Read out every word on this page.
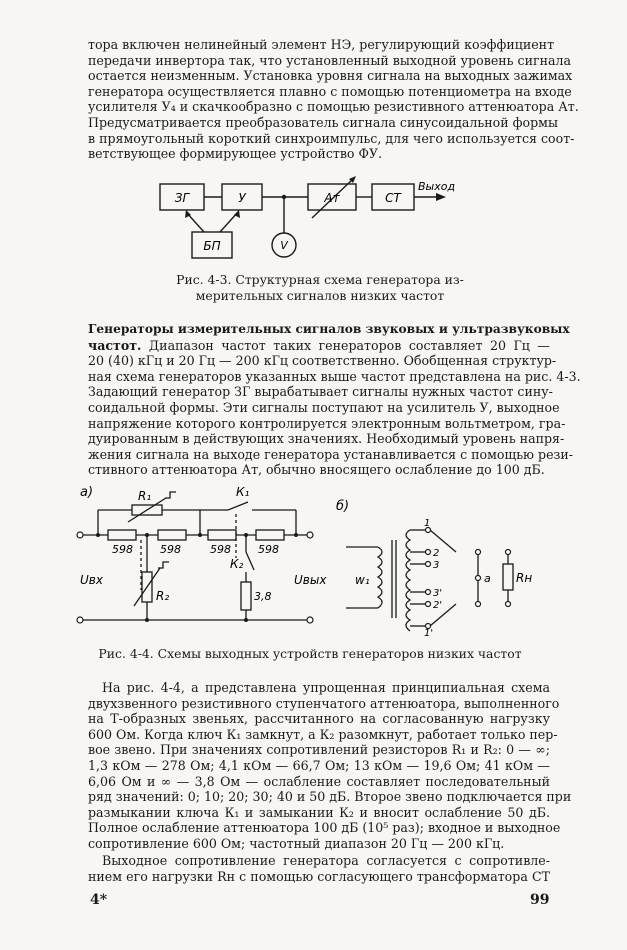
тора включен нелинейный элемент НЭ, регулирующий коэффициент
передачи инвертора так, что установленный выходной уровень сигнала
остается неизменным. Установка уровня сигнала на выходных зажимах
генератора осуществляется плавно с помощью потенциометра на входе
усилителя У₄ и скачкообразно с помощью резистивного аттенюатора Ат.
Предусматривается преобразователь сигнала синусоидальной формы
в прямоугольный короткий синхроимпульс, для чего используется соот-
ветствующее формирующее устройство ФУ.
ЗГ	У	Ат	СТ
БП	V
Выход
Рис. 4-3. Структурная схема генератора из-
мерительных сигналов низких частот
Генераторы измерительных сигналов звуковых и ультразвуковых
частот. Диапазон частот таких генераторов составляет 20 Гц —
20 (40) кГц и 20 Гц — 200 кГц соответственно. Обобщенная структур-
ная схема генераторов указанных выше частот представлена на рис. 4-3.
Задающий генератор ЗГ вырабатывает сигналы нужных частот сину-
соидальной формы. Эти сигналы поступают на усилитель У, выходное
напряжение которого контролируется электронным вольтметром, гра-
дуированным в действующих значениях. Необходимый уровень напря-
жения сигнала на выходе генератора устанавливается с помощью рези-
стивного аттенюатора Ат, обычно вносящего ослабление до 100 дБ.
а)	R₁	К₁
598 598	598 598
К₂
R₂	3,8
Uвх	Uвых
б)
w₁
1
2
3
3'
2'
1'
а Rн
Рис. 4-4. Схемы выходных устройств генераторов низких частот
На рис. 4-4, а представлена упрощенная принципиальная схема
двухзвенного резистивного ступенчатого аттенюатора, выполненного
на Т-образных звеньях, рассчитанного на согласованную нагрузку
600 Ом. Когда ключ К₁ замкнут, а К₂ разомкнут, работает только пер-
вое звено. При значениях сопротивлений резисторов R₁ и R₂: 0 — ∞;
1,3 кОм — 278 Ом; 4,1 кОм — 66,7 Ом; 13 кОм — 19,6 Ом; 41 кОм —
6,06 Ом и ∞ — 3,8 Ом — ослабление составляет последовательный
ряд значений: 0; 10; 20; 30; 40 и 50 дБ. Второе звено подключается при
размыкании ключа К₁ и замыкании К₂ и вносит ослабление 50 дБ.
Полное ослабление аттенюатора 100 дБ (10⁵ раз); входное и выходное
сопротивление 600 Ом; частотный диапазон 20 Гц — 200 кГц.
Выходное сопротивление генератора согласуется с сопротивле-
нием его нагрузки Rн с помощью согласующего трансформатора СТ
4*	99
